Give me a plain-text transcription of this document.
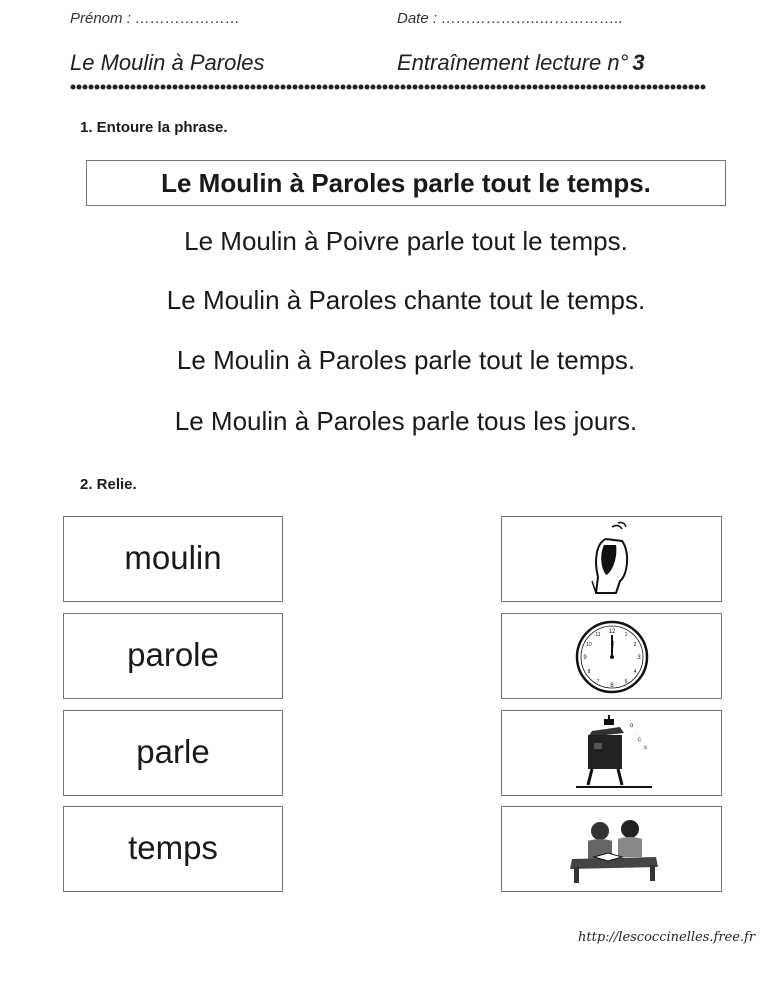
Prénom : …………………	Date : ………………..……………..
Le Moulin à Paroles	Entraînement lecture n° 3
1. Entoure la phrase.
Le Moulin à Paroles parle tout le temps.
Le Moulin à Poivre parle tout le temps.
Le Moulin à Paroles chante tout le temps.
Le Moulin à Paroles parle tout le temps.
Le Moulin à Paroles parle tous les jours.
2. Relie.
moulin
parole
parle
temps
12
3
6
9
11	1
2
4
5
7
8
10
o
.
c
s
http://lescoccinelles.free.fr
